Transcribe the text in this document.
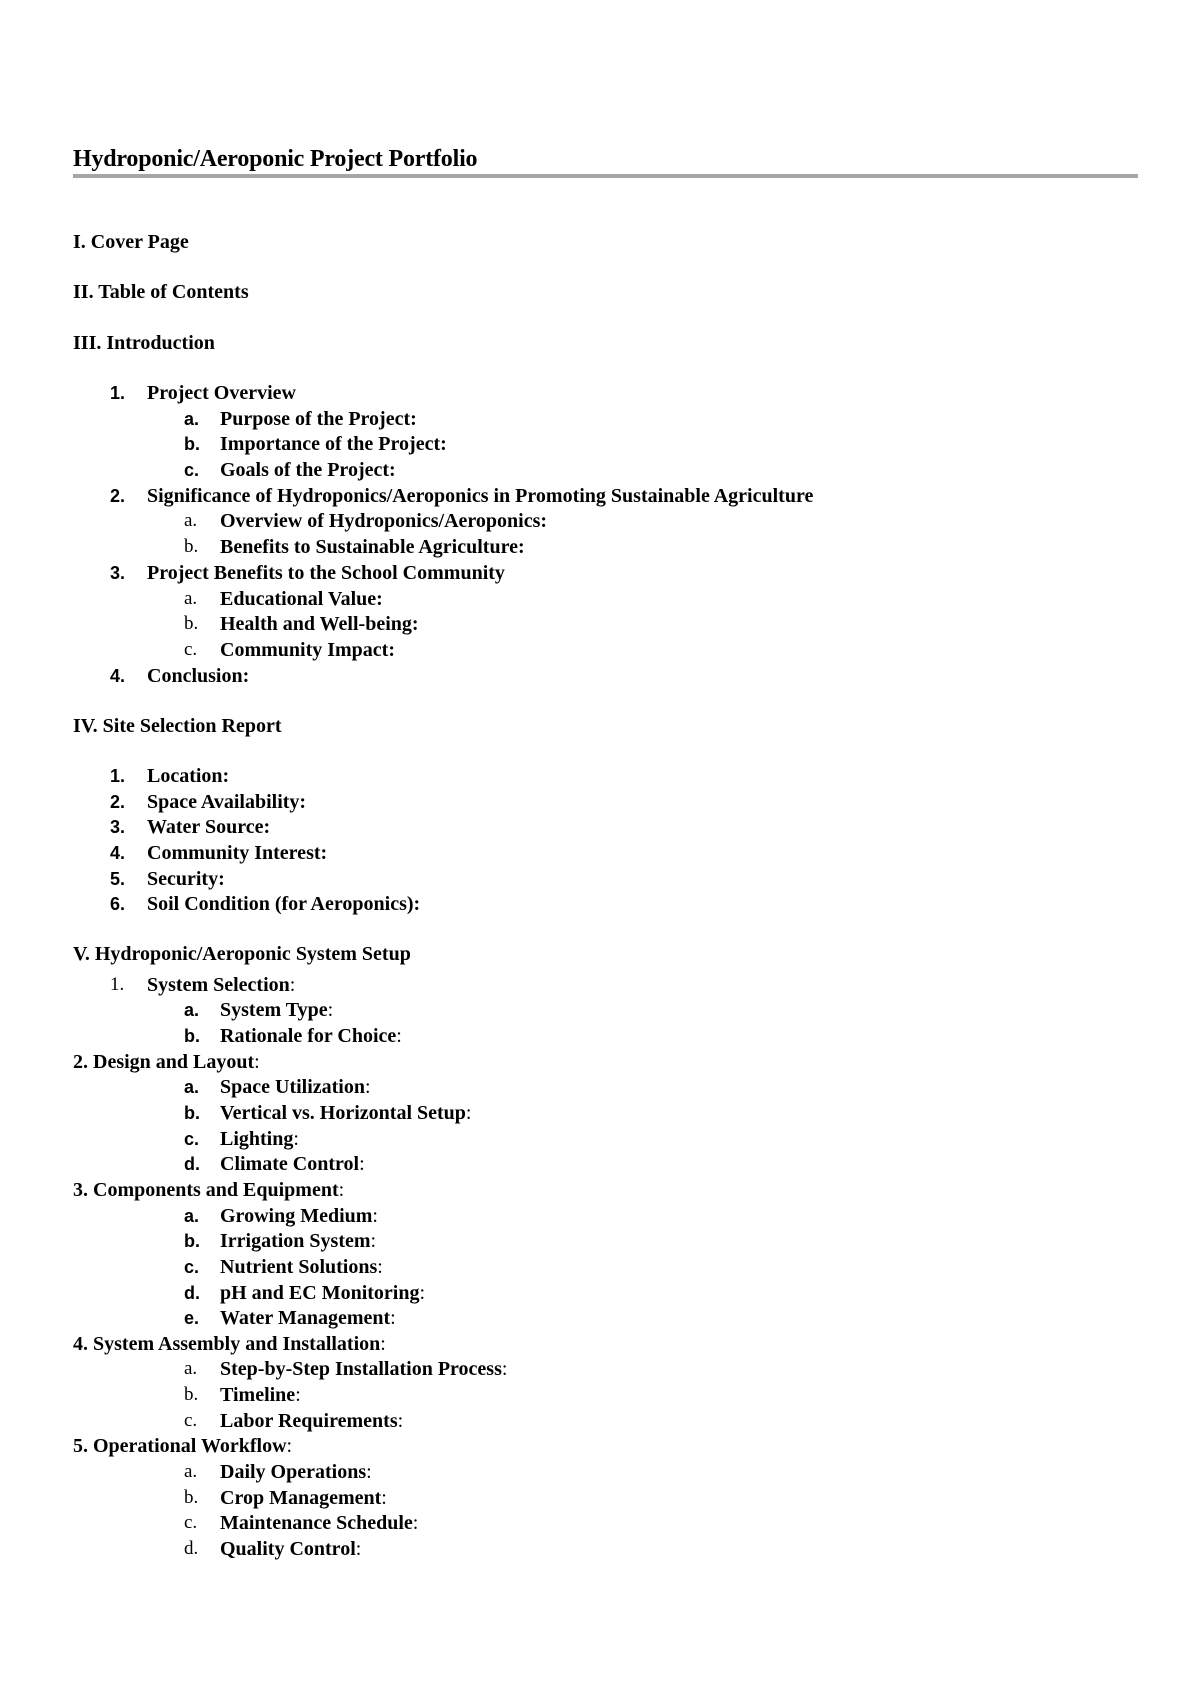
Hydroponic/Aeroponic Project Portfolio
I. Cover Page
II. Table of Contents
III. Introduction
1. Project Overview
a. Purpose of the Project:
b. Importance of the Project:
c. Goals of the Project:
2. Significance of Hydroponics/Aeroponics in Promoting Sustainable Agriculture
a. Overview of Hydroponics/Aeroponics:
b. Benefits to Sustainable Agriculture:
3. Project Benefits to the School Community
a. Educational Value:
b. Health and Well-being:
c. Community Impact:
4. Conclusion:
IV. Site Selection Report
1. Location:
2. Space Availability:
3. Water Source:
4. Community Interest:
5. Security:
6. Soil Condition (for Aeroponics):
V. Hydroponic/Aeroponic System Setup
1. System Selection:
a. System Type:
b. Rationale for Choice:
2. Design and Layout:
a. Space Utilization:
b. Vertical vs. Horizontal Setup:
c. Lighting:
d. Climate Control:
3. Components and Equipment:
a. Growing Medium:
b. Irrigation System:
c. Nutrient Solutions:
d. pH and EC Monitoring:
e. Water Management:
4. System Assembly and Installation:
a. Step-by-Step Installation Process:
b. Timeline:
c. Labor Requirements:
5. Operational Workflow:
a. Daily Operations:
b. Crop Management:
c. Maintenance Schedule:
d. Quality Control:
